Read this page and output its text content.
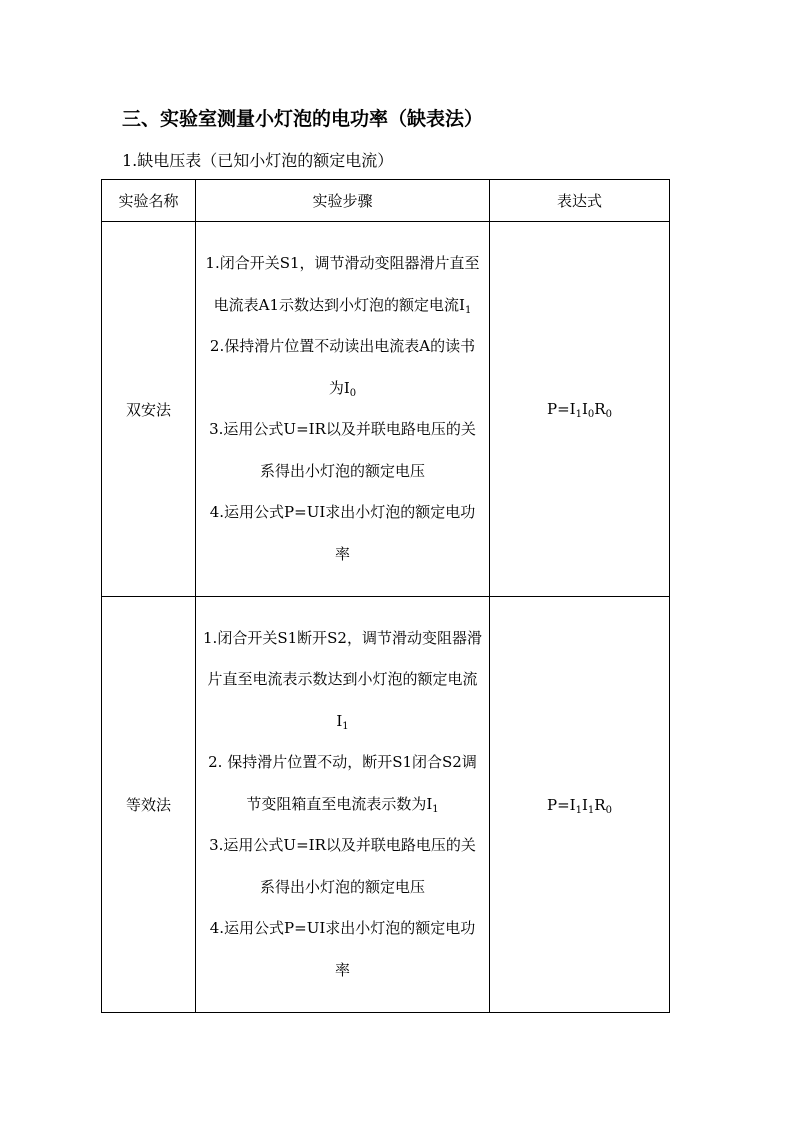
三、实验室测量小灯泡的电功率（缺表法）
1.缺电压表（已知小灯泡的额定电流）
实验名称	实验步骤	表达式
双安法	1.闭合开关S1，调节滑动变阻器滑片直至电流表A1示数达到小灯泡的额定电流$I_1$
2.保持滑片位置不动读出电流表A的读书为$I_0$
3.运用公式U=IR以及并联电路电压的关系得出小灯泡的额定电压
4.运用公式P=UI求出小灯泡的额定电功率	$P=I_1I_0R_0$
等效法	1.闭合开关S1断开S2，调节滑动变阻器滑片直至电流表示数达到小灯泡的额定电流$I_1$
2. 保持滑片位置不动，断开S1闭合S2调节变阻箱直至电流表示数为$I_1$
3.运用公式U=IR以及并联电路电压的关系得出小灯泡的额定电压
4.运用公式P=UI求出小灯泡的额定电功率	$P=I_1I_1R_0$
